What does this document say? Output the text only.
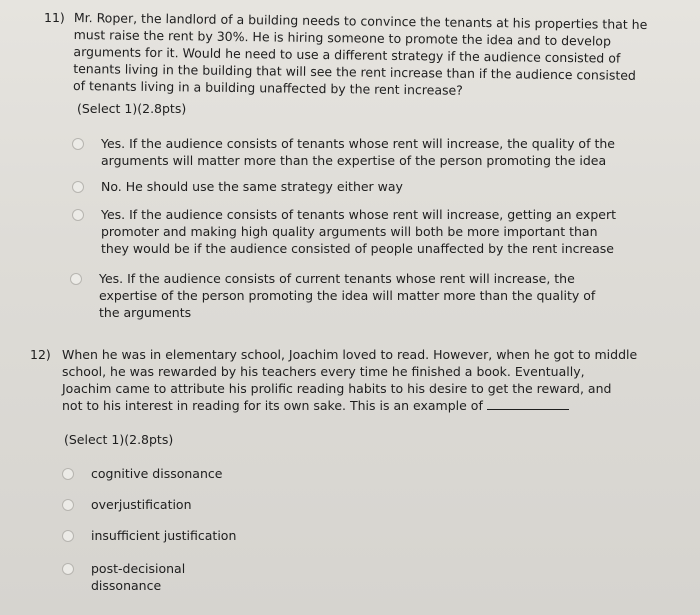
11) Mr. Roper, the landlord of a building needs to convince the tenants at his properties that he
must raise the rent by 30%. He is hiring someone to promote the idea and to develop
arguments for it. Would he need to use a different strategy if the audience consisted of
tenants living in the building that will see the rent increase than if the audience consisted
of tenants living in a building unaffected by the rent increase?
(Select 1)(2.8pts)
Yes. If the audience consists of tenants whose rent will increase, the quality of the
arguments will matter more than the expertise of the person promoting the idea
No. He should use the same strategy either way
Yes. If the audience consists of tenants whose rent will increase, getting an expert
promoter and making high quality arguments will both be more important than
they would be if the audience consisted of people unaffected by the rent increase
Yes. If the audience consists of current tenants whose rent will increase, the
expertise of the person promoting the idea will matter more than the quality of
the arguments
12) When he was in elementary school, Joachim loved to read. However, when he got to middle
school, he was rewarded by his teachers every time he finished a book. Eventually,
Joachim came to attribute his prolific reading habits to his desire to get the reward, and
not to his interest in reading for its own sake. This is an example of
(Select 1)(2.8pts)
cognitive dissonance
overjustification
insufficient justification
post-decisional
dissonance
